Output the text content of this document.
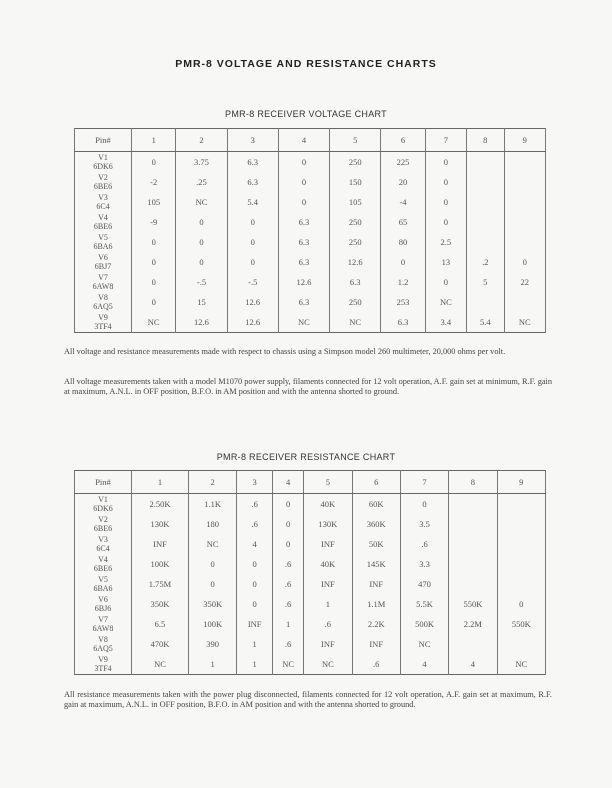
PMR-8 VOLTAGE AND RESISTANCE CHARTS
PMR-8 RECEIVER VOLTAGE CHART
Pin#	1	2	3	4	5	6	7	8	9

V1
6DK6	0	3.75	6.3	0	250	225	0		

V2
6BE6	-2	.25	6.3	0	150	20	0		

V3
6C4	105	NC	5.4	0	105	-4	0		

V4
6BE6	-9	0	0	6.3	250	65	0		

V5
6BA6	0	0	0	6.3	250	80	2.5		

V6
6BJ7	0	0	0	6.3	12.6	0	13	.2	0

V7
6AW8	0	-.5	-.5	12.6	6.3	1.2	0	5	22

V8
6AQ5	0	15	12.6	6.3	250	253	NC		

V9
3TF4	NC	12.6	12.6	NC	NC	6.3	3.4	5.4	NC
All voltage and resistance measurements made with respect to chassis using a Simpson model 260 multimeter, 20,000 ohms per volt.
All voltage measurements taken with a model M1070 power supply, filaments connected for 12 volt operation, A.F. gain set at minimum, R.F. gain at maximum, A.N.L. in OFF position, B.F.O. in AM position and with the antenna shorted to ground.
PMR-8 RECEIVER RESISTANCE CHART
Pin#	1	2	3	4	5	6	7	8	9

V1
6DK6	2.50K	1.1K	.6	0	40K	60K	0		

V2
6BE6	130K	180	.6	0	130K	360K	3.5		

V3
6C4	INF	NC	4	0	INF	50K	.6		

V4
6BE6	100K	0	0	.6	40K	145K	3.3		

V5
6BA6	1.75M	0	0	.6	INF	INF	470		

V6
6BJ6	350K	350K	0	.6	1	1.1M	5.5K	550K	0

V7
6AW8	6.5	100K	INF	1	.6	2.2K	500K	2.2M	550K

V8
6AQ5	470K	390	1	.6	INF	INF	NC		

V9
3TF4	NC	1	1	NC	NC	.6	4	4	NC
All resistance measurements taken with the power plug disconnected, filaments connected for 12 volt operation, A.F. gain set at maximum, R.F. gain at maximum, A.N.L. in OFF position, B.F.O. in AM position and with the antenna shorted to ground.
